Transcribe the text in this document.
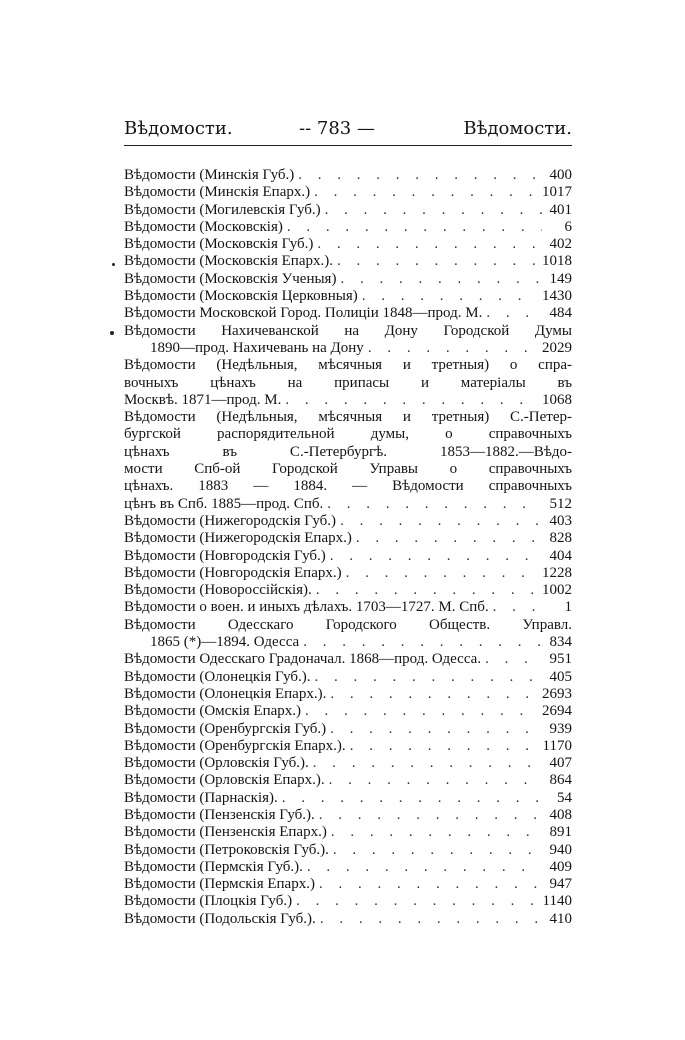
Вѣдомости.	-- 783 —	Вѣдомости.
Вѣдомости (Минскія Губ.) . . .	400
Вѣдомости (Минскія Епарх.) . . .	1017
Вѣдомости (Могилевскія Губ.) . . .	401
Вѣдомости (Московскія) . . .	6
Вѣдомости (Московскія Губ.) . . .	402
Вѣдомости (Московскія Епарх.). . . .	1018
Вѣдомости (Московскія Ученыя) . . .	149
Вѣдомости (Московскія Церковныя) . . .	1430
Вѣдомости Московской Город. Полиціи 1848—прод. М. . . .	484
Вѣдомости Нахичеванской на Дону Городской Думы
1890—прод. Нахичевань на Дону . . .	2029
Вѣдомости (Недѣльныя, мѣсячныя и третныя) о спра-
вочныхъ цѣнахъ на припасы и матеріалы въ
Москвѣ. 1871—прод. М. . . .	1068
Вѣдомости (Недѣльныя, мѣсячныя и третныя) С.-Петер-
бургской распорядительной думы, о справочныхъ
цѣнахъ въ С.-Петербургѣ. 1853—1882.—Вѣдо-
мости Спб-ой Городской Управы о справочныхъ
цѣнахъ. 1883 — 1884. — Вѣдомости справочныхъ
цѣнъ въ Спб. 1885—прод. Спб. . . .	512
Вѣдомости (Нижегородскія Губ.) . . .	403
Вѣдомости (Нижегородскія Епарх.) . . .	828
Вѣдомости (Новгородскія Губ.) . . .	404
Вѣдомости (Новгородскія Епарх.) . . .	1228
Вѣдомости (Новороссійскія). . . .	1002
Вѣдомости о воен. и иныхъ дѣлахъ. 1703—1727. М. Спб. . . .	1
Вѣдомости Одесскаго Городского Обществ. Управл.
1865 (*)—1894. Одесса . . .	834
Вѣдомости Одесскаго Градоначал. 1868—прод. Одесса. . . .	951
Вѣдомости (Олонецкія Губ.). . . .	405
Вѣдомости (Олонецкія Епарх.). . . .	2693
Вѣдомости (Омскія Епарх.) . . .	2694
Вѣдомости (Оренбургскія Губ.) . . .	939
Вѣдомости (Оренбургскія Епарх.). . . .	1170
Вѣдомости (Орловскія Губ.). . . .	407
Вѣдомости (Орловскія Епарх.). . . .	864
Вѣдомости (Парнаскія). . . .	54
Вѣдомости (Пензенскія Губ.). . . .	408
Вѣдомости (Пензенскія Епарх.) . . .	891
Вѣдомости (Петроковскія Губ.). . . .	940
Вѣдомости (Пермскія Губ.). . . .	409
Вѣдомости (Пермскія Епарх.) . . .	947
Вѣдомости (Плоцкія Губ.) . . .	1140
Вѣдомости (Подольскія Губ.). . . .	410
